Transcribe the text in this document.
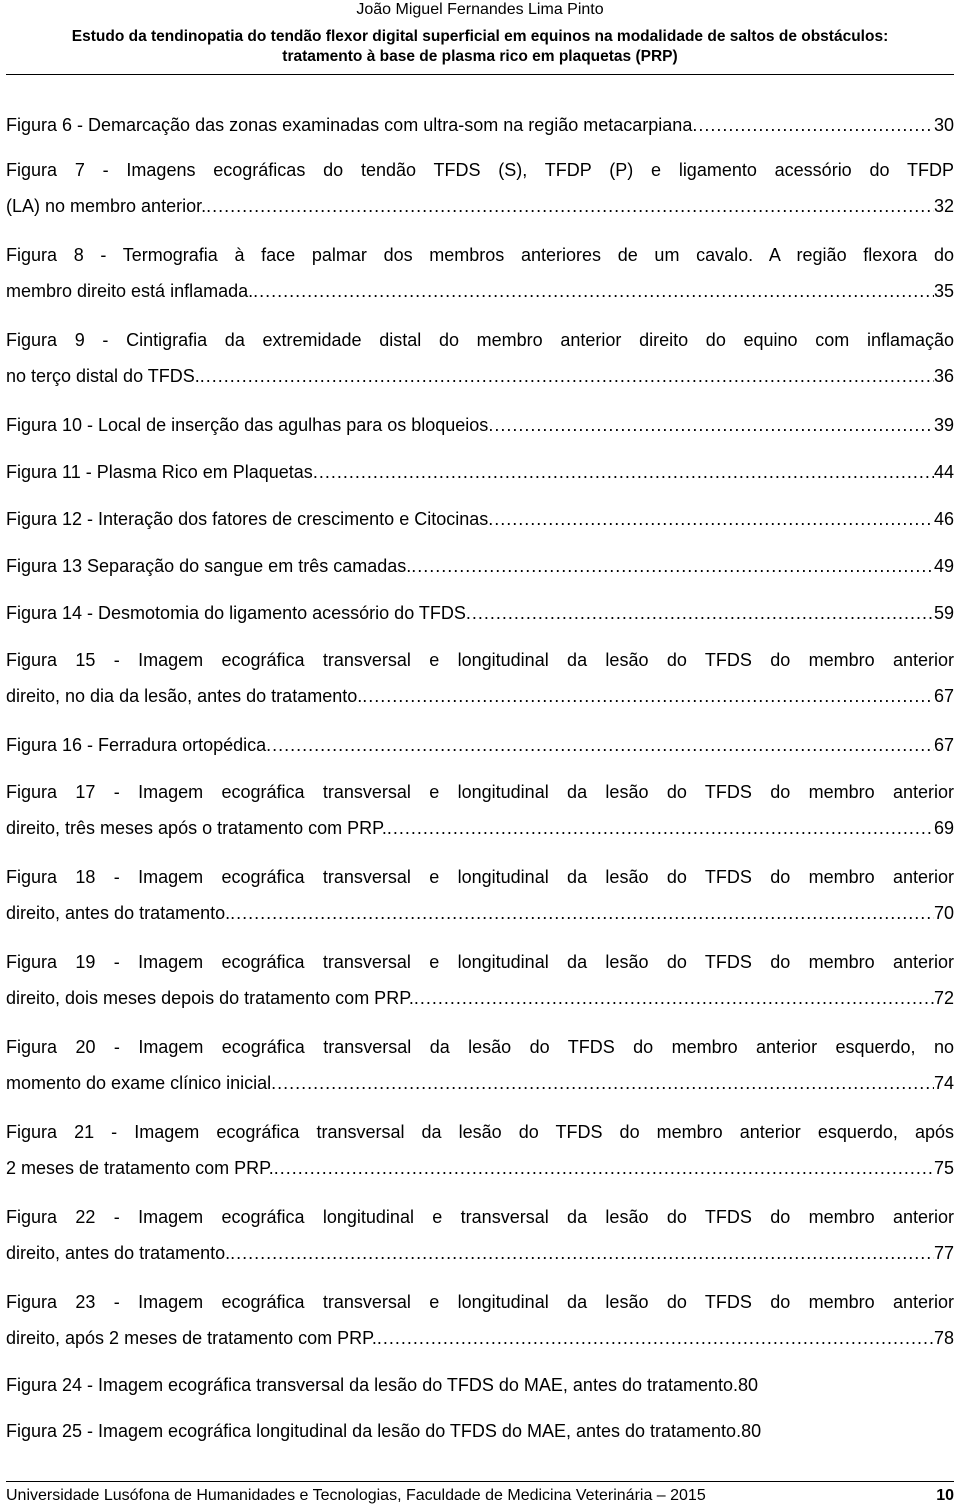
João Miguel Fernandes Lima Pinto
Estudo da tendinopatia do tendão flexor digital superficial em equinos na modalidade de saltos de obstáculos:
tratamento à base de plasma rico em plaquetas (PRP)
Figura 6 - Demarcação das zonas examinadas com ultra-som na região metacarpiana .....	30
Figura 7 - Imagens ecográficas do tendão TFDS (S), TFDP (P) e ligamento acessório do TFDP
(LA) no membro anterior. .....	32
Figura 8 - Termografia à face palmar dos membros anteriores de um cavalo. A região flexora do
membro direito está inflamada. .....	35
Figura 9 - Cintigrafia da extremidade distal do membro anterior direito do equino com inflamação
no terço distal do TFDS. .....	36
Figura 10 - Local de inserção das agulhas para os bloqueios .....	39
Figura 11 - Plasma Rico em Plaquetas .....	44
Figura 12 - Interação dos fatores de crescimento e Citocinas .....	46
Figura 13 Separação do sangue em três camadas. .....	49
Figura 14 - Desmotomia do ligamento acessório do TFDS .....	59
Figura 15 - Imagem ecográfica transversal e longitudinal da lesão do TFDS do membro anterior
direito, no dia da lesão, antes do tratamento. .....	67
Figura 16 - Ferradura ortopédica .....	67
Figura 17 - Imagem ecográfica transversal e longitudinal da lesão do TFDS do membro anterior
direito, três meses após o tratamento com PRP. .....	69
Figura 18 - Imagem ecográfica transversal e longitudinal da lesão do TFDS do membro anterior
direito, antes do tratamento. .....	70
Figura 19 - Imagem ecográfica transversal e longitudinal da lesão do TFDS do membro anterior
direito, dois meses depois do tratamento com PRP. .....	72
Figura 20 - Imagem ecográfica transversal da lesão do TFDS do membro anterior esquerdo, no
momento do exame clínico inicial .....	74
Figura 21 - Imagem ecográfica transversal da lesão do TFDS do membro anterior esquerdo, após
2 meses de tratamento com PRP. .....	75
Figura 22 - Imagem ecográfica longitudinal e transversal da lesão do TFDS do membro anterior
direito, antes do tratamento. .....	77
Figura 23 - Imagem ecográfica transversal e longitudinal da lesão do TFDS do membro anterior
direito, após 2 meses de tratamento com PRP. .....	78
Figura 24 - Imagem ecográfica transversal da lesão do TFDS do MAE, antes do tratamento.80
Figura 25 - Imagem ecográfica longitudinal da lesão do TFDS do MAE, antes do tratamento.80
Universidade Lusófona de Humanidades e Tecnologias, Faculdade de Medicina Veterinária – 2015	10
